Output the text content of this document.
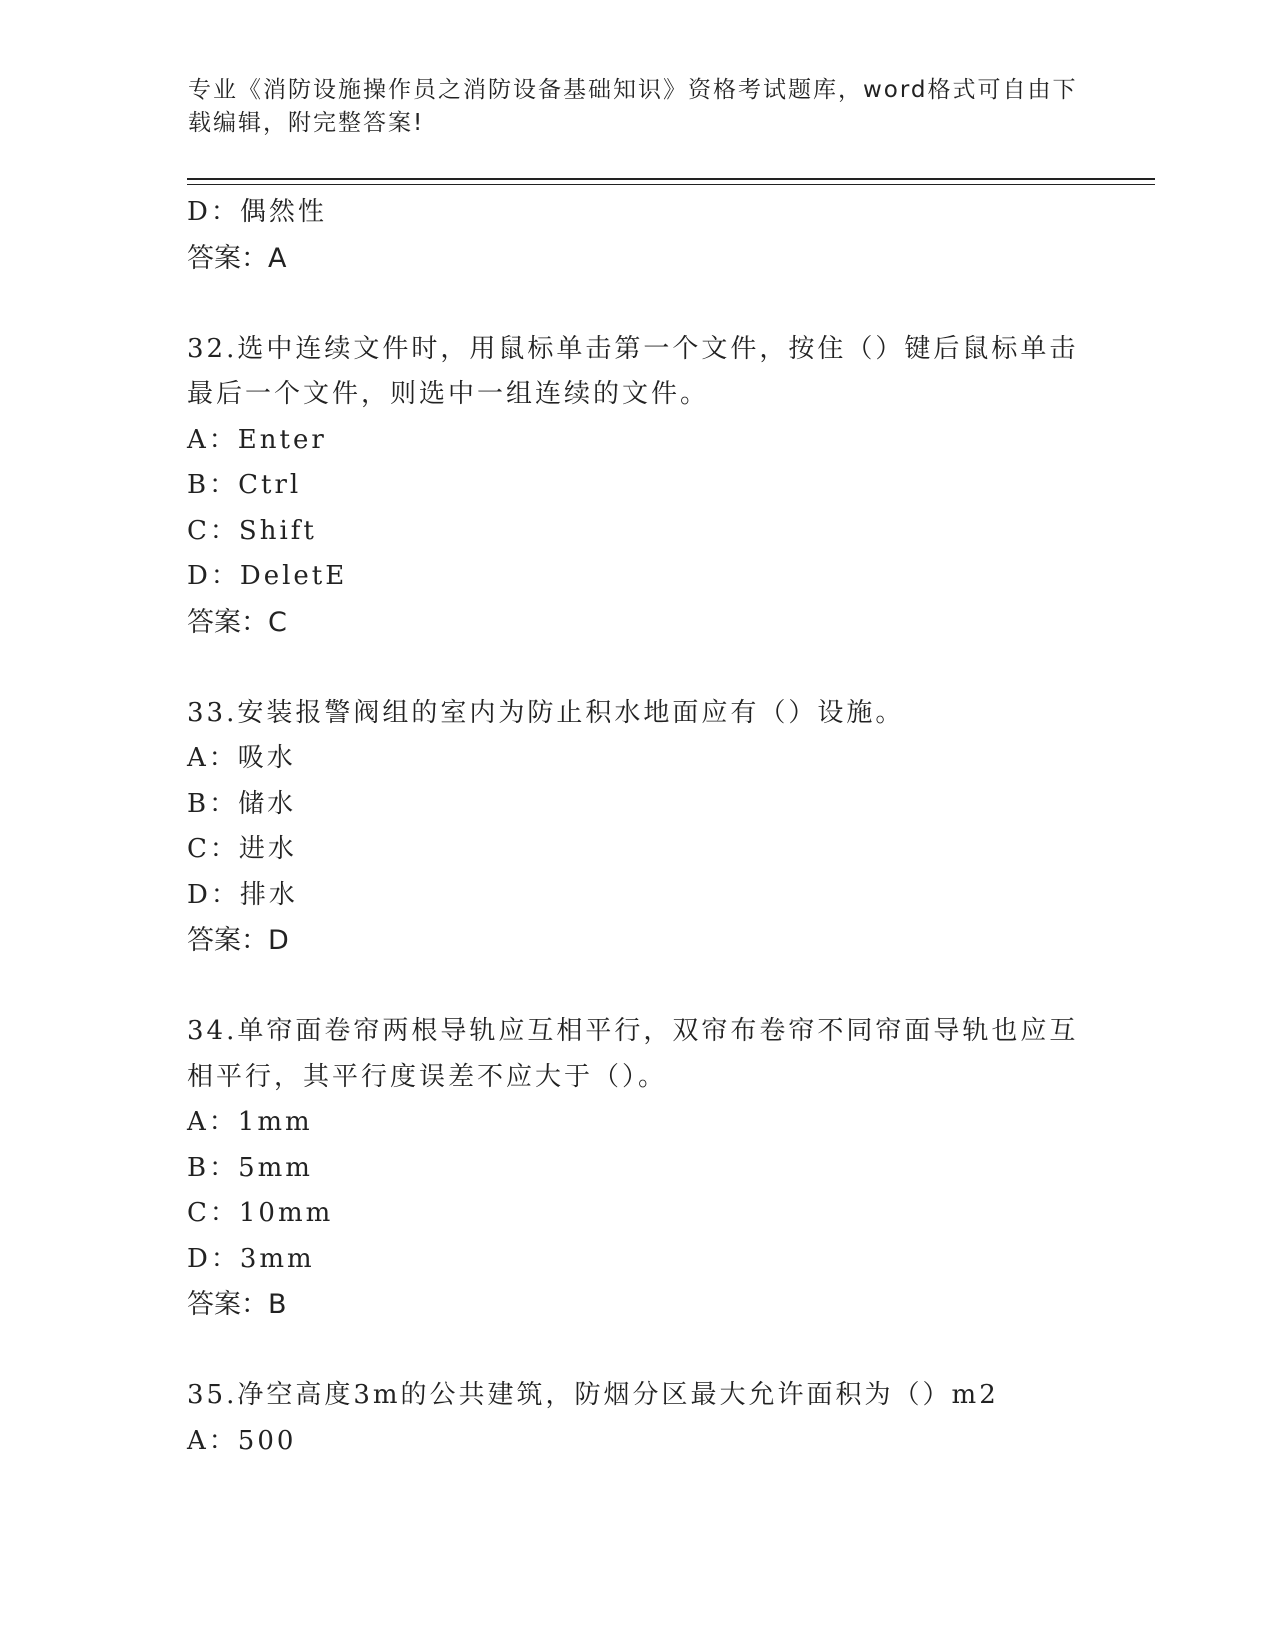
专业《消防设施操作员之消防设备基础知识》资格考试题库，word格式可自由下
载编辑，附完整答案!
D：偶然性
答案：A
32.选中连续文件时，用鼠标单击第一个文件，按住（）键后鼠标单击
最后一个文件，则选中一组连续的文件。
A：Enter
B：Ctrl
C：Shift
D：DeletE
答案：C
33.安装报警阀组的室内为防止积水地面应有（）设施。
A：吸水
B：储水
C：进水
D：排水
答案：D
34.单帘面卷帘两根导轨应互相平行，双帘布卷帘不同帘面导轨也应互
相平行，其平行度误差不应大于（）。
A：1mm
B：5mm
C：10mm
D：3mm
答案：B
35.净空高度3m的公共建筑，防烟分区最大允许面积为（）m2
A：500
